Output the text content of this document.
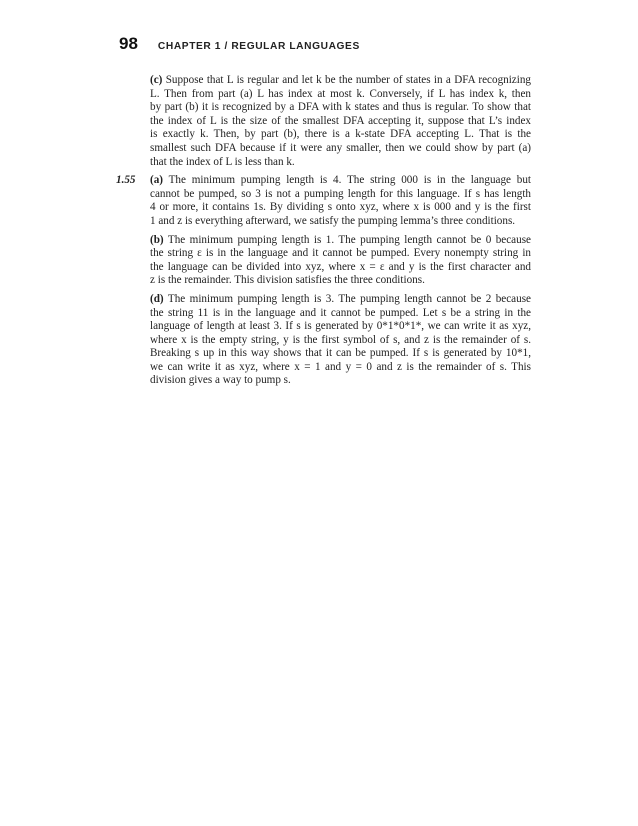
98 CHAPTER 1 / REGULAR LANGUAGES
(c) Suppose that L is regular and let k be the number of states in a DFA recognizing
L. Then from part (a) L has index at most k. Conversely, if L has index k, then
by part (b) it is recognized by a DFA with k states and thus is regular. To show that
the index of L is the size of the smallest DFA accepting it, suppose that L’s index
is exactly k. Then, by part (b), there is a k-state DFA accepting L. That is the
smallest such DFA because if it were any smaller, then we could show by part (a)
that the index of L is less than k.
1.55 (a) The minimum pumping length is 4. The string 000 is in the language but
cannot be pumped, so 3 is not a pumping length for this language. If s has length
4 or more, it contains 1s. By dividing s onto xyz, where x is 000 and y is the first
1 and z is everything afterward, we satisfy the pumping lemma’s three conditions.
(b) The minimum pumping length is 1. The pumping length cannot be 0 because
the string ε is in the language and it cannot be pumped. Every nonempty string in
the language can be divided into xyz, where x = ε and y is the first character and
z is the remainder. This division satisfies the three conditions.
(d) The minimum pumping length is 3. The pumping length cannot be 2 because
the string 11 is in the language and it cannot be pumped. Let s be a string in the
language of length at least 3. If s is generated by 0*1*0*1*, we can write it as xyz,
where x is the empty string, y is the first symbol of s, and z is the remainder of s.
Breaking s up in this way shows that it can be pumped. If s is generated by 10*1,
we can write it as xyz, where x = 1 and y = 0 and z is the remainder of s. This
division gives a way to pump s.
